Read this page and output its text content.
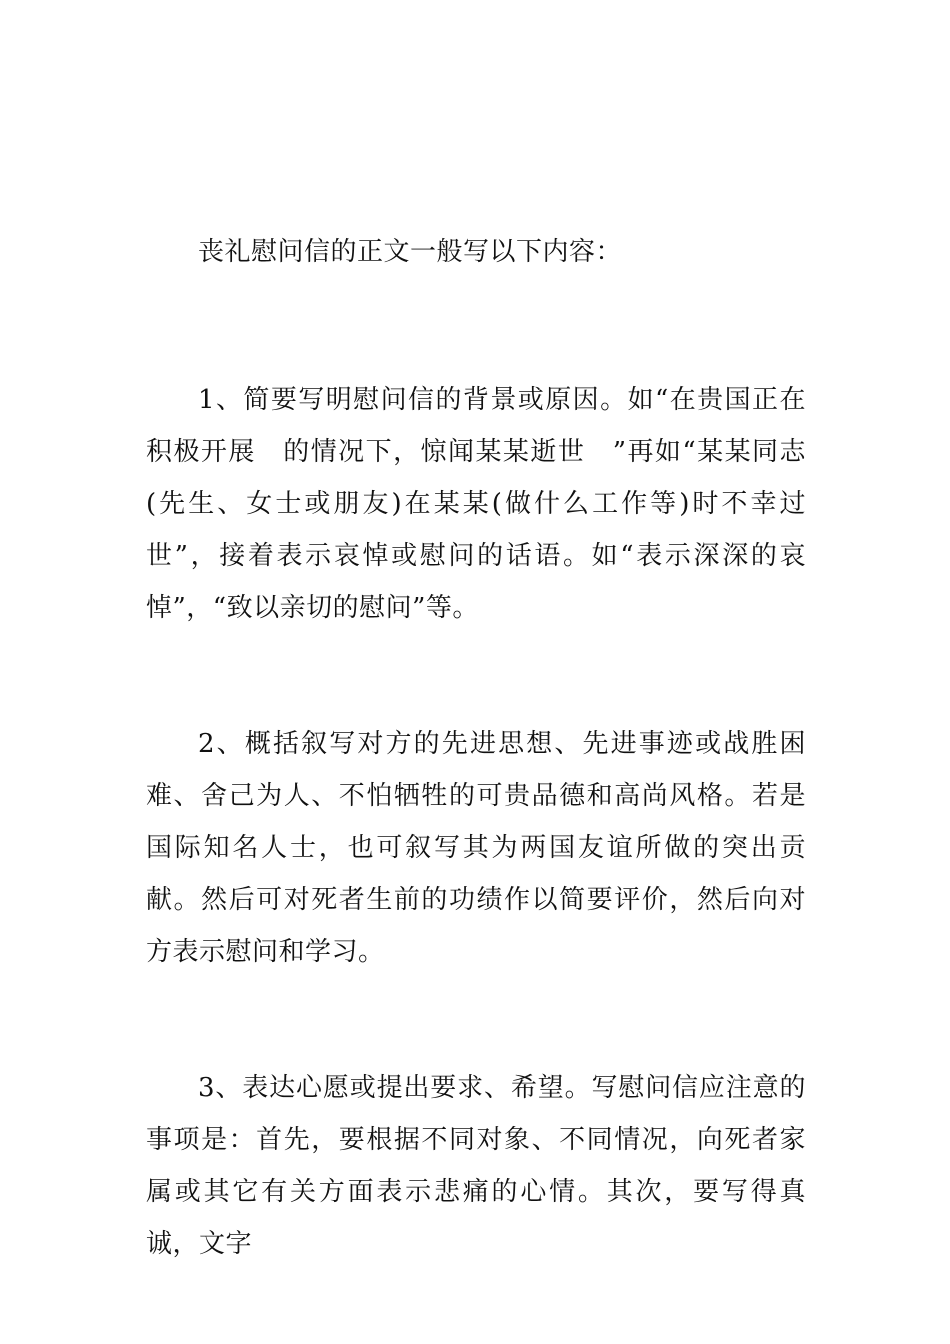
丧礼慰问信的正文一般写以下内容：

1、简要写明慰问信的背景或原因。如“在贵国正在积极开展　的情况下，惊闻某某逝世　”再如“某某同志(先生、女士或朋友)在某某(做什么工作等)时不幸过世”，接着表示哀悼或慰问的话语。如“表示深深的哀悼”，“致以亲切的慰问”等。

2、概括叙写对方的先进思想、先进事迹或战胜困难、舍己为人、不怕牺牲的可贵品德和高尚风格。若是国际知名人士，也可叙写其为两国友谊所做的突出贡献。然后可对死者生前的功绩作以简要评价，然后向对方表示慰问和学习。

3、表达心愿或提出要求、希望。写慰问信应注意的事项是：首先，要根据不同对象、不同情况，向死者家属或其它有关方面表示悲痛的心情。其次，要写得真诚，文字
